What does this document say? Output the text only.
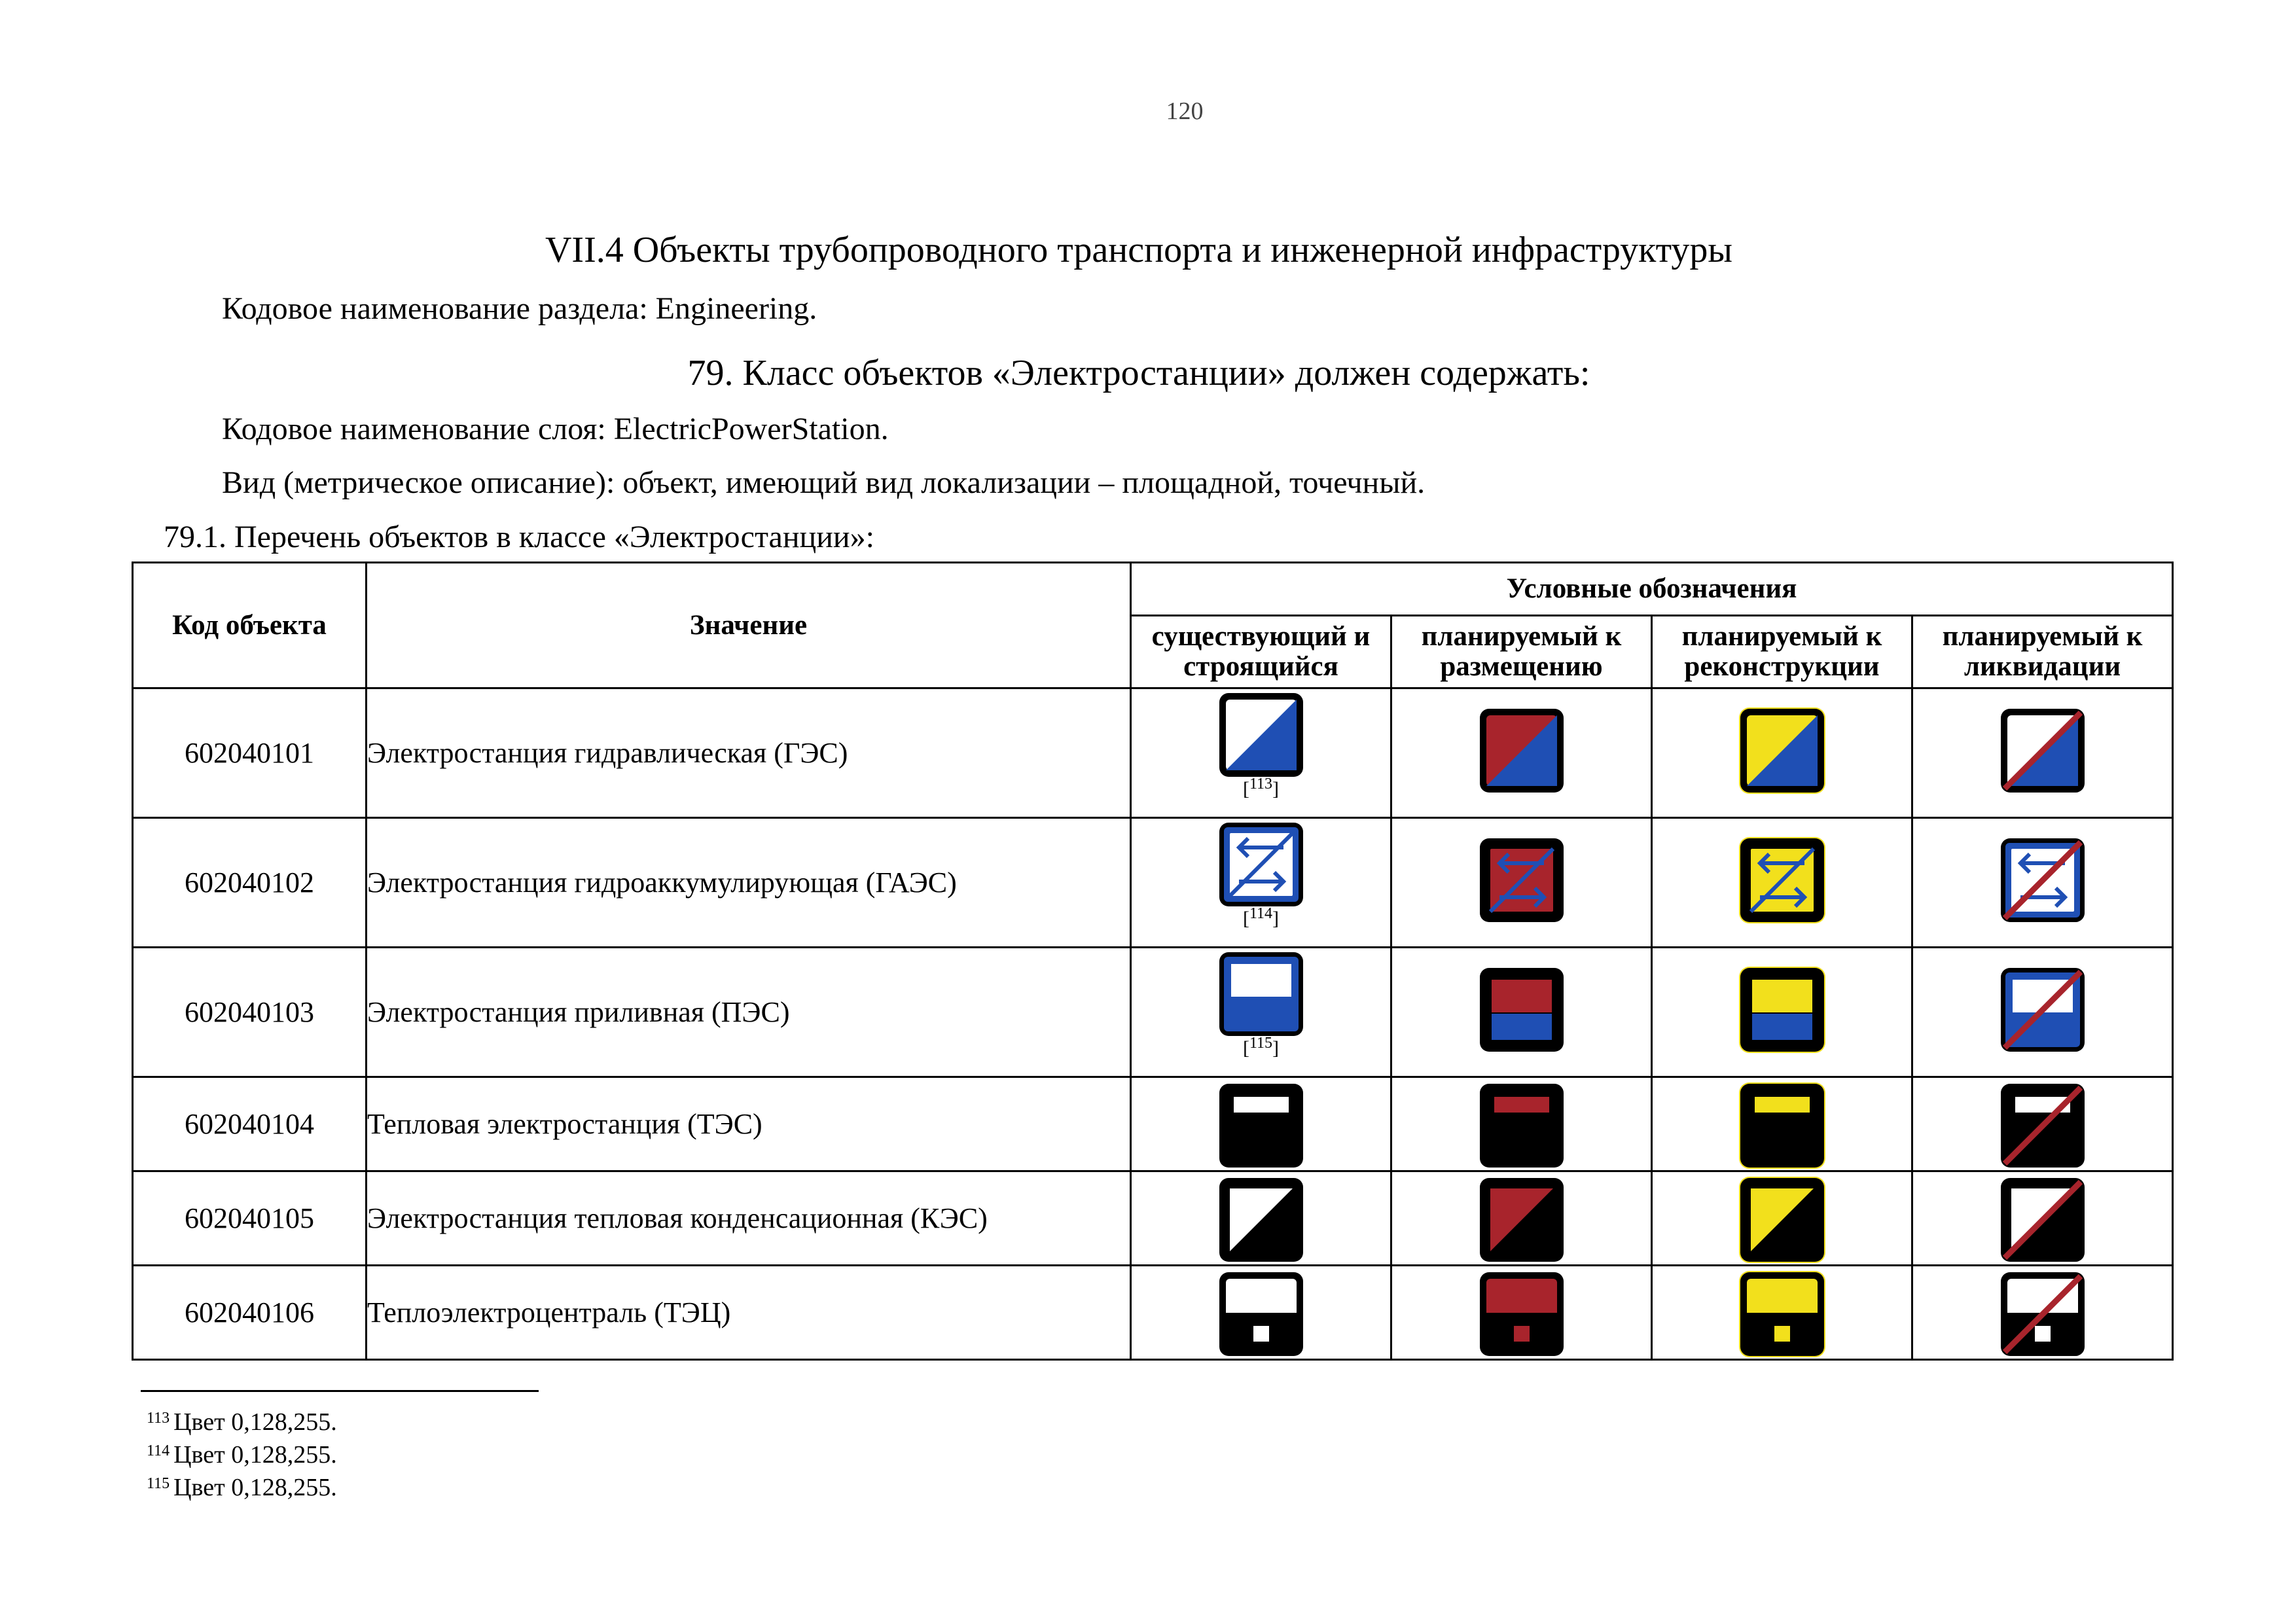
120
VII.4 Объекты трубопроводного транспорта и инженерной инфраструктуры
Кодовое наименование раздела: Engineering.
79. Класс объектов «Электростанции» должен содержать:
Кодовое наименование слоя: ElectricPowerStation.
Вид (метрическое описание): объект, имеющий вид локализации – площадной, точечный.
79.1. Перечень объектов в классе «Электростанции»:
Код объекта	Значение	Условные обозначения			
		существующий и строящийся	планируемый к размещению	планируемый к реконструкции	планируемый к ликвидации
602040101	Электростанция гидравлическая (ГЭС)	[$^{113}$]

602040102	Электростанция гидроаккумулирующая (ГАЭС)	[$^{114}$]

602040103	Электростанция приливная (ПЭС)	[$^{115}$]

602040104	Тепловая электростанция (ТЭС)	

602040105	Электростанция тепловая конденсационная (КЭС)	

602040106	Теплоэлектроцентраль (ТЭЦ)	

$^{113}$ Цвет 0,128,255.
$^{114}$ Цвет 0,128,255.
$^{115}$ Цвет 0,128,255.
